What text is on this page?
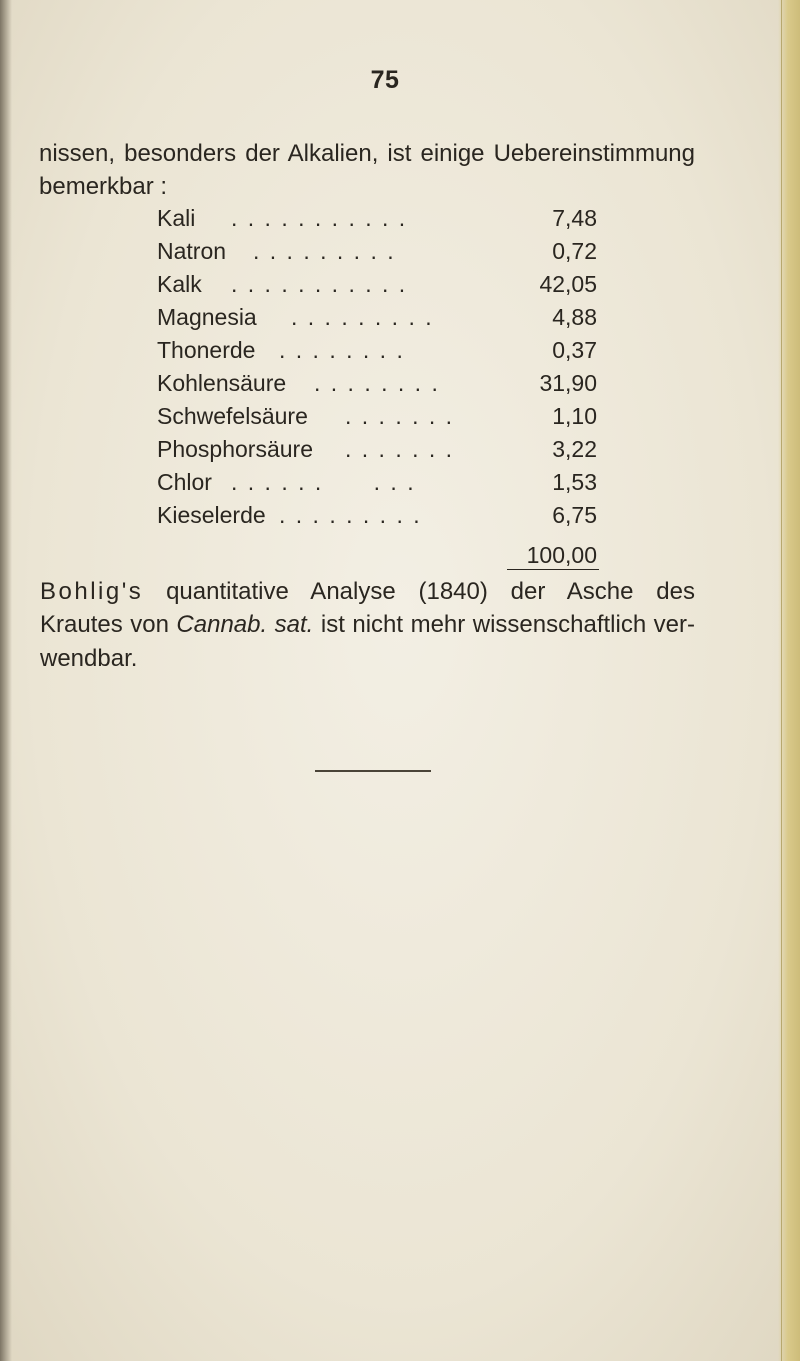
75
nissen, besonders der Alkalien, ist einige Uebereinstimmung
bemerkbar :
Kali . . . . . . . . . . .	7,48
Natron . . . . . . . . .	0,72
Kalk . . . . . . . . . . .	42,05
Magnesia . . . . . . . . .	4,88
Thonerde . . . . . . . .	0,37
Kohlensäure . . . . . . . .	31,90
Schwefelsäure . . . . . . .	1,10
Phosphorsäure . . . . . . .	3,22
Chlor . . . . . .      . . .	1,53
Kieselerde . . . . . . . . .	6,75
100,00
Bohlig's quantitative Analyse (1840) der Asche des
Krautes von Cannab. sat. ist nicht mehr wissenschaftlich ver-
wendbar.
